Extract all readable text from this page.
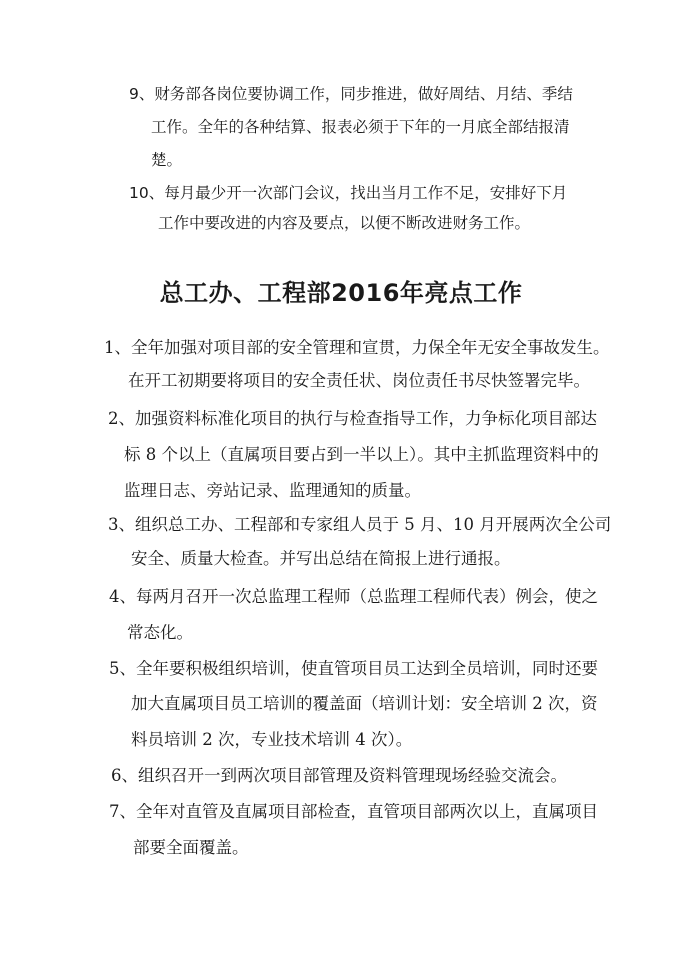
9、财务部各岗位要协调工作，同步推进，做好周结、月结、季结
工作。全年的各种结算、报表必须于下年的一月底全部结报清
楚。
10、每月最少开一次部门会议，找出当月工作不足，安排好下月
工作中要改进的内容及要点，以便不断改进财务工作。
总工办、工程部2016年亮点工作
1、全年加强对项目部的安全管理和宣贯，力保全年无安全事故发生。
在开工初期要将项目的安全责任状、岗位责任书尽快签署完毕。
2、加强资料标准化项目的执行与检查指导工作，力争标化项目部达
标 8 个以上（直属项目要占到一半以上）。其中主抓监理资料中的
监理日志、旁站记录、监理通知的质量。
3、组织总工办、工程部和专家组人员于 5 月、10 月开展两次全公司
安全、质量大检查。并写出总结在简报上进行通报。
4、每两月召开一次总监理工程师（总监理工程师代表）例会，使之
常态化。
5、全年要积极组织培训，使直管项目员工达到全员培训，同时还要
加大直属项目员工培训的覆盖面（培训计划：安全培训 2 次，资
料员培训 2 次，专业技术培训 4 次）。
6、组织召开一到两次项目部管理及资料管理现场经验交流会。
7、全年对直管及直属项目部检查，直管项目部两次以上，直属项目
部要全面覆盖。
